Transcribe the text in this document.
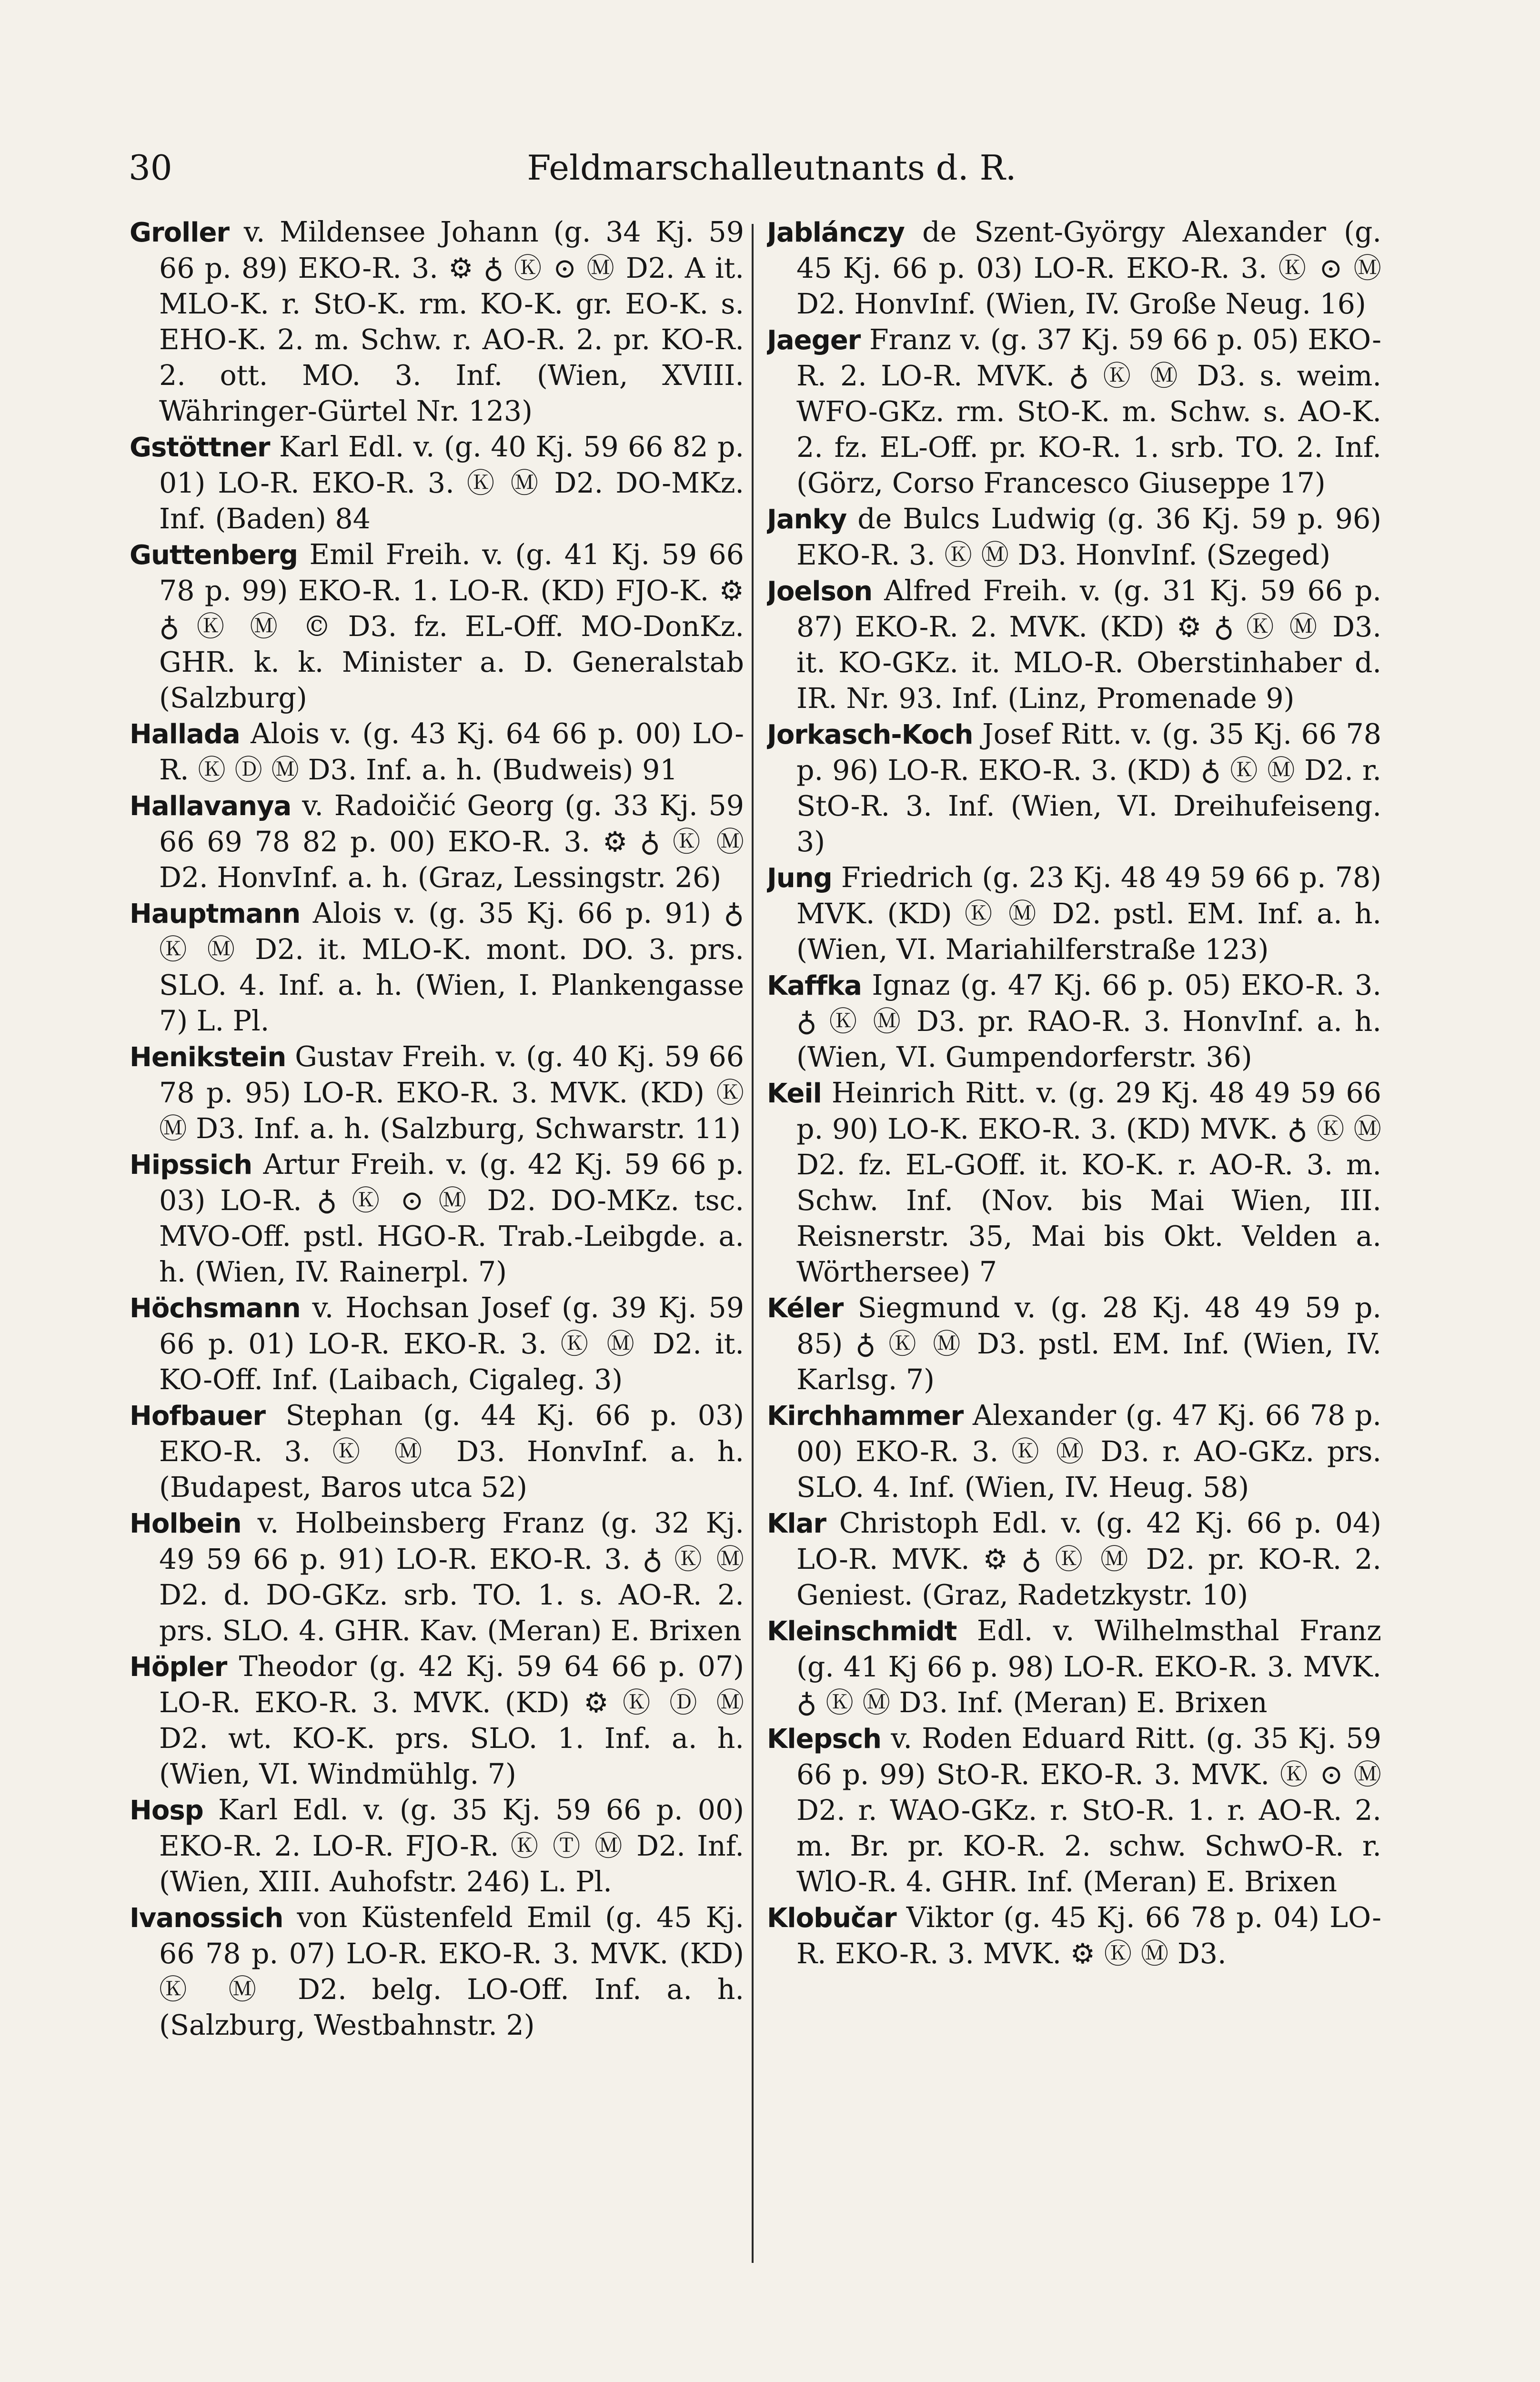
30	Feldmarschalleutnants d. R.
Groller v. Mildensee Johann (g. 34 Kj. 59 66 p. 89) EKO-R. 3. ⚙ ♁ Ⓚ ⊙ Ⓜ D2. A it. MLO-K. r. StO-K. rm. KO-K. gr. EO-K. s. EHO-K. 2. m. Schw. r. AO-R. 2. pr. KO-R. 2. ott. MO. 3. Inf. (Wien, XVIII. Währinger-Gürtel Nr. 123)
Gstöttner Karl Edl. v. (g. 40 Kj. 59 66 82 p. 01) LO-R. EKO-R. 3. Ⓚ Ⓜ D2. DO-MKz. Inf. (Baden) 84
Guttenberg Emil Freih. v. (g. 41 Kj. 59 66 78 p. 99) EKO-R. 1. LO-R. (KD) FJO-K. ⚙ ♁ Ⓚ Ⓜ © D3. fz. EL-Off. MO-DonKz. GHR. k. k. Minister a. D. Generalstab (Salzburg)
Hallada Alois v. (g. 43 Kj. 64 66 p. 00) LO-R. Ⓚ Ⓓ Ⓜ D3. Inf. a. h. (Budweis) 91
Hallavanya v. Radoičić Georg (g. 33 Kj. 59 66 69 78 82 p. 00) EKO-R. 3. ⚙ ♁ Ⓚ Ⓜ D2. HonvInf. a. h. (Graz, Lessingstr. 26)
Hauptmann Alois v. (g. 35 Kj. 66 p. 91) ♁ Ⓚ Ⓜ D2. it. MLO-K. mont. DO. 3. prs. SLO. 4. Inf. a. h. (Wien, I. Plankengasse 7) L. Pl.
Henikstein Gustav Freih. v. (g. 40 Kj. 59 66 78 p. 95) LO-R. EKO-R. 3. MVK. (KD) Ⓚ Ⓜ D3. Inf. a. h. (Salzburg, Schwarstr. 11)
Hipssich Artur Freih. v. (g. 42 Kj. 59 66 p. 03) LO-R. ♁ Ⓚ ⊙ Ⓜ D2. DO-MKz. tsc. MVO-Off. pstl. HGO-R. Trab.-Leibgde. a. h. (Wien, IV. Rainerpl. 7)
Höchsmann v. Hochsan Josef (g. 39 Kj. 59 66 p. 01) LO-R. EKO-R. 3. Ⓚ Ⓜ D2. it. KO-Off. Inf. (Laibach, Cigaleg. 3)
Hofbauer Stephan (g. 44 Kj. 66 p. 03) EKO-R. 3. Ⓚ Ⓜ D3. HonvInf. a. h. (Budapest, Baros utca 52)
Holbein v. Holbeinsberg Franz (g. 32 Kj. 49 59 66 p. 91) LO-R. EKO-R. 3. ♁ Ⓚ Ⓜ D2. d. DO-GKz. srb. TO. 1. s. AO-R. 2. prs. SLO. 4. GHR. Kav. (Meran) E. Brixen
Höpler Theodor (g. 42 Kj. 59 64 66 p. 07) LO-R. EKO-R. 3. MVK. (KD) ⚙ Ⓚ Ⓓ Ⓜ D2. wt. KO-K. prs. SLO. 1. Inf. a. h. (Wien, VI. Windmühlg. 7)
Hosp Karl Edl. v. (g. 35 Kj. 59 66 p. 00) EKO-R. 2. LO-R. FJO-R. Ⓚ Ⓣ Ⓜ D2. Inf. (Wien, XIII. Auhofstr. 246) L. Pl.
Ivanossich von Küstenfeld Emil (g. 45 Kj. 66 78 p. 07) LO-R. EKO-R. 3. MVK. (KD) Ⓚ Ⓜ D2. belg. LO-Off. Inf. a. h. (Salzburg, Westbahnstr. 2)
Jablánczy de Szent-György Alexander (g. 45 Kj. 66 p. 03) LO-R. EKO-R. 3. Ⓚ ⊙ Ⓜ D2. HonvInf. (Wien, IV. Große Neug. 16)
Jaeger Franz v. (g. 37 Kj. 59 66 p. 05) EKO-R. 2. LO-R. MVK. ♁ Ⓚ Ⓜ D3. s. weim. WFO-GKz. rm. StO-K. m. Schw. s. AO-K. 2. fz. EL-Off. pr. KO-R. 1. srb. TO. 2. Inf. (Görz, Corso Francesco Giuseppe 17)
Janky de Bulcs Ludwig (g. 36 Kj. 59 p. 96) EKO-R. 3. Ⓚ Ⓜ D3. HonvInf. (Szeged)
Joelson Alfred Freih. v. (g. 31 Kj. 59 66 p. 87) EKO-R. 2. MVK. (KD) ⚙ ♁ Ⓚ Ⓜ D3. it. KO-GKz. it. MLO-R. Oberstinhaber d. IR. Nr. 93. Inf. (Linz, Promenade 9)
Jorkasch-Koch Josef Ritt. v. (g. 35 Kj. 66 78 p. 96) LO-R. EKO-R. 3. (KD) ♁ Ⓚ Ⓜ D2. r. StO-R. 3. Inf. (Wien, VI. Dreihufeiseng. 3)
Jung Friedrich (g. 23 Kj. 48 49 59 66 p. 78) MVK. (KD) Ⓚ Ⓜ D2. pstl. EM. Inf. a. h. (Wien, VI. Mariahilferstraße 123)
Kaffka Ignaz (g. 47 Kj. 66 p. 05) EKO-R. 3. ♁ Ⓚ Ⓜ D3. pr. RAO-R. 3. HonvInf. a. h. (Wien, VI. Gumpendorferstr. 36)
Keil Heinrich Ritt. v. (g. 29 Kj. 48 49 59 66 p. 90) LO-K. EKO-R. 3. (KD) MVK. ♁ Ⓚ Ⓜ D2. fz. EL-GOff. it. KO-K. r. AO-R. 3. m. Schw. Inf. (Nov. bis Mai Wien, III. Reisnerstr. 35, Mai bis Okt. Velden a. Wörthersee) 7
Kéler Siegmund v. (g. 28 Kj. 48 49 59 p. 85) ♁ Ⓚ Ⓜ D3. pstl. EM. Inf. (Wien, IV. Karlsg. 7)
Kirchhammer Alexander (g. 47 Kj. 66 78 p. 00) EKO-R. 3. Ⓚ Ⓜ D3. r. AO-GKz. prs. SLO. 4. Inf. (Wien, IV. Heug. 58)
Klar Christoph Edl. v. (g. 42 Kj. 66 p. 04) LO-R. MVK. ⚙ ♁ Ⓚ Ⓜ D2. pr. KO-R. 2. Geniest. (Graz, Radetzkystr. 10)
Kleinschmidt Edl. v. Wilhelmsthal Franz (g. 41 Kj 66 p. 98) LO-R. EKO-R. 3. MVK. ♁ Ⓚ Ⓜ D3. Inf. (Meran) E. Brixen
Klepsch v. Roden Eduard Ritt. (g. 35 Kj. 59 66 p. 99) StO-R. EKO-R. 3. MVK. Ⓚ ⊙ Ⓜ D2. r. WAO-GKz. r. StO-R. 1. r. AO-R. 2. m. Br. pr. KO-R. 2. schw. SchwO-R. r. WlO-R. 4. GHR. Inf. (Meran) E. Brixen
Klobučar Viktor (g. 45 Kj. 66 78 p. 04) LO-R. EKO-R. 3. MVK. ⚙ Ⓚ Ⓜ D3.
